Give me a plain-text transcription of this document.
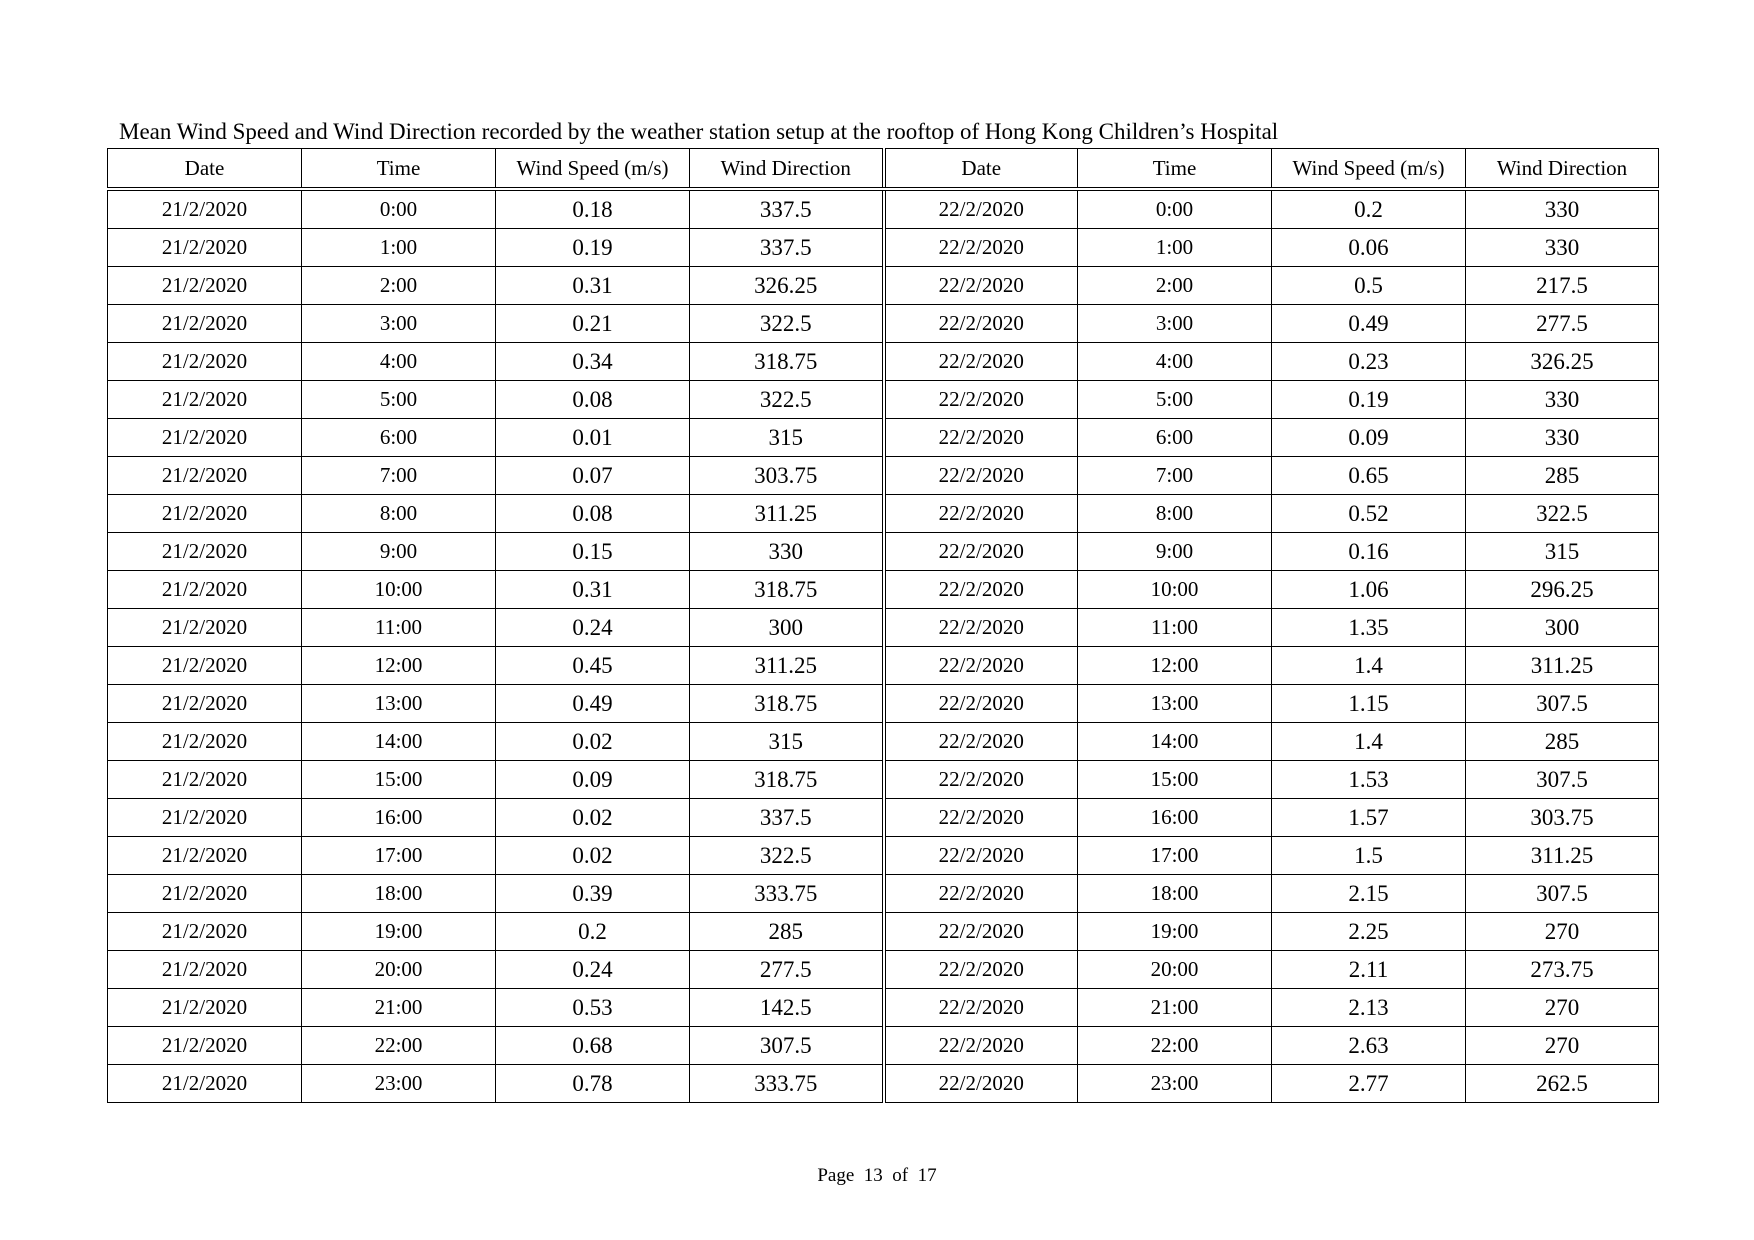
Mean Wind Speed and Wind Direction recorded by the weather station setup at the rooftop of Hong Kong Children’s Hospital
Date	Time	Wind Speed (m/s)	Wind Direction	Date	Time	Wind Speed (m/s)	Wind Direction
21/2/2020	0:00	0.18	337.5	22/2/2020	0:00	0.2	330
21/2/2020	1:00	0.19	337.5	22/2/2020	1:00	0.06	330
21/2/2020	2:00	0.31	326.25	22/2/2020	2:00	0.5	217.5
21/2/2020	3:00	0.21	322.5	22/2/2020	3:00	0.49	277.5
21/2/2020	4:00	0.34	318.75	22/2/2020	4:00	0.23	326.25
21/2/2020	5:00	0.08	322.5	22/2/2020	5:00	0.19	330
21/2/2020	6:00	0.01	315	22/2/2020	6:00	0.09	330
21/2/2020	7:00	0.07	303.75	22/2/2020	7:00	0.65	285
21/2/2020	8:00	0.08	311.25	22/2/2020	8:00	0.52	322.5
21/2/2020	9:00	0.15	330	22/2/2020	9:00	0.16	315
21/2/2020	10:00	0.31	318.75	22/2/2020	10:00	1.06	296.25
21/2/2020	11:00	0.24	300	22/2/2020	11:00	1.35	300
21/2/2020	12:00	0.45	311.25	22/2/2020	12:00	1.4	311.25
21/2/2020	13:00	0.49	318.75	22/2/2020	13:00	1.15	307.5
21/2/2020	14:00	0.02	315	22/2/2020	14:00	1.4	285
21/2/2020	15:00	0.09	318.75	22/2/2020	15:00	1.53	307.5
21/2/2020	16:00	0.02	337.5	22/2/2020	16:00	1.57	303.75
21/2/2020	17:00	0.02	322.5	22/2/2020	17:00	1.5	311.25
21/2/2020	18:00	0.39	333.75	22/2/2020	18:00	2.15	307.5
21/2/2020	19:00	0.2	285	22/2/2020	19:00	2.25	270
21/2/2020	20:00	0.24	277.5	22/2/2020	20:00	2.11	273.75
21/2/2020	21:00	0.53	142.5	22/2/2020	21:00	2.13	270
21/2/2020	22:00	0.68	307.5	22/2/2020	22:00	2.63	270
21/2/2020	23:00	0.78	333.75	22/2/2020	23:00	2.77	262.5
Page  13  of  17
